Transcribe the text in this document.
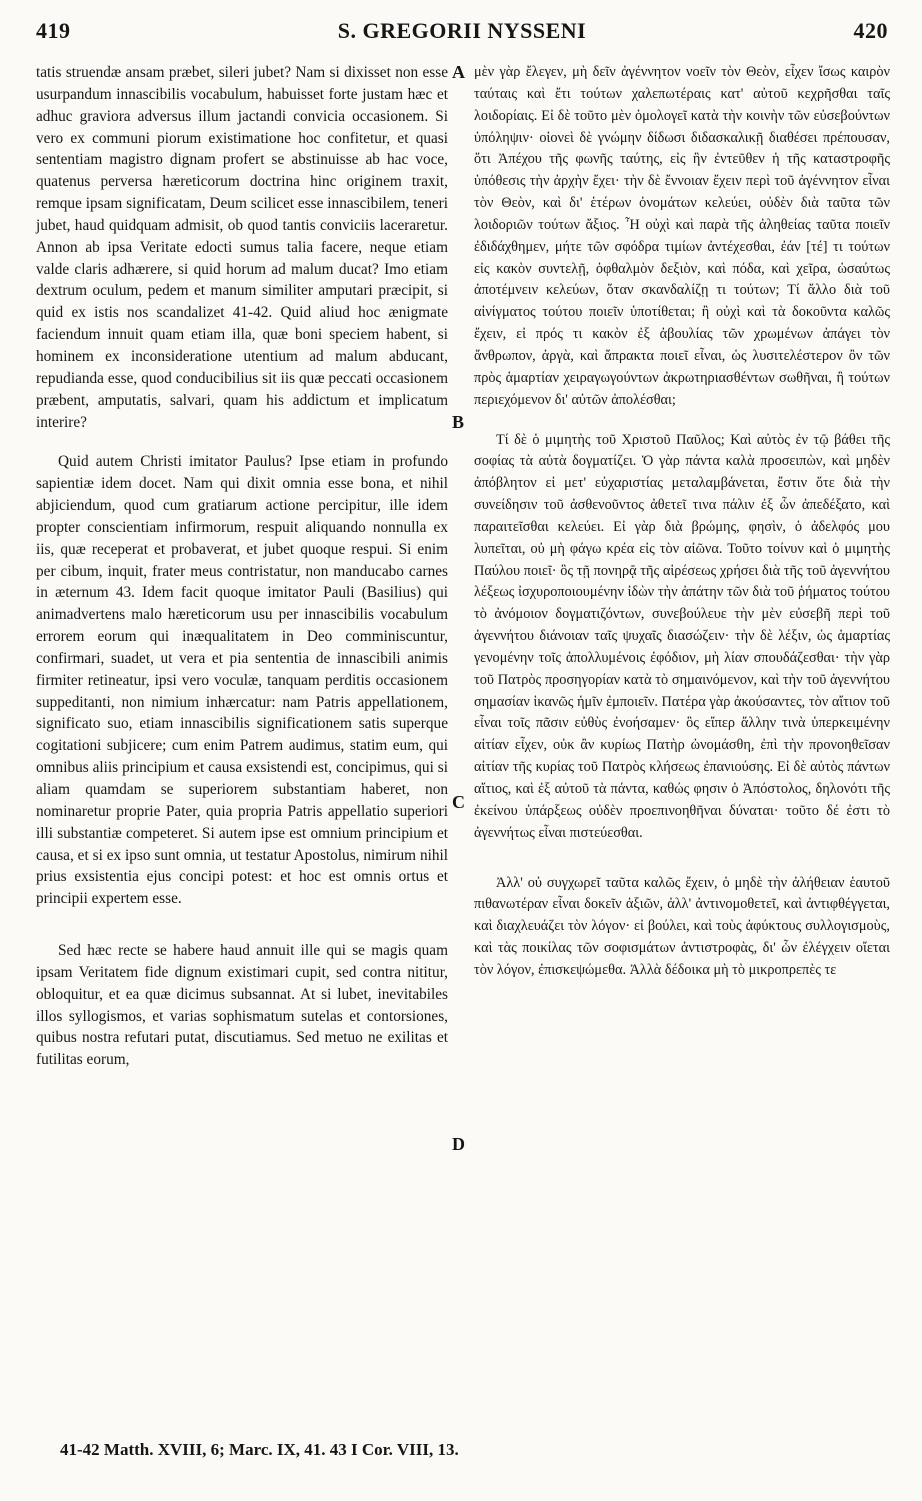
419	S. GREGORII NYSSENI	420

tatis struendæ ansam præbet, sileri jubet? Nam si dixisset non esse usurpandum innascibilis vocabulum, habuisset forte justam hæc et adhuc graviora adversus illum jactandi convicia occasionem. Si vero ex communi piorum existimatione hoc confitetur, et quasi sententiam magistro dignam profert se abstinuisse ab hac voce, quatenus perversa hæreticorum doctrina hinc originem traxit, remque ipsam significatam, Deum scilicet esse innascibilem, teneri jubet, haud quidquam admisit, ob quod tantis conviciis laceraretur. Annon ab ipsa Veritate edocti sumus talia facere, neque etiam valde claris adhærere, si quid horum ad malum ducat? Imo etiam dextrum oculum, pedem et manum similiter amputari præcipit, si quid ex istis nos scandalizet 41-42. Quid aliud hoc ænigmate faciendum innuit quam etiam illa, quæ boni speciem habent, si hominem ex inconsideratione utentium ad malum abducant, repudianda esse, quod conducibilius sit iis quæ peccati occasionem præbent, amputatis, salvari, quam his addictum et implicatum interire?

Quid autem Christi imitator Paulus? Ipse etiam in profundo sapientiæ idem docet. Nam qui dixit omnia esse bona, et nihil abjiciendum, quod cum gratiarum actione percipitur, ille idem propter conscientiam infirmorum, respuit aliquando nonnulla ex iis, quæ receperat et probaverat, et jubet quoque respui. Si enim per cibum, inquit, frater meus contristatur, non manducabo carnes in æternum 43. Idem facit quoque imitator Pauli (Basilius) qui animadvertens malo hæreticorum usu per innascibilis vocabulum errorem eorum qui inæqualitatem in Deo comminiscuntur, confirmari, suadet, ut vera et pia sententia de innascibili animis firmiter retineatur, ipsi vero voculæ, tanquam perditis occasionem suppeditanti, non nimium inhærcatur: nam Patris appellationem, significato suo, etiam innascibilis significationem satis superque cogitationi subjicere; cum enim Patrem audimus, statim eum, qui omnibus aliis principium et causa exsistendi est, concipimus, qui si aliam quamdam se superiorem substantiam haberet, non nominaretur proprie Pater, quia propria Patris appellatio superiori illi substantiæ competeret. Si autem ipse est omnium principium et causa, et si ex ipso sunt omnia, ut testatur Apostolus, nimirum nihil prius exsistentia ejus concipi potest: et hoc est omnis ortus et principii expertem esse.

Sed hæc recte se habere haud annuit ille qui se magis quam ipsam Veritatem fide dignum existimari cupit, sed contra nititur, obloquitur, et ea quæ dicimus subsannat. At si lubet, inevitabiles illos syllogismos, et varias sophismatum sutelas et contorsiones, quibus nostra refutari putat, discutiamus. Sed metuo ne exilitas et futilitas eorum,

A
B
C
D

μὲν γὰρ ἔλεγεν, μὴ δεῖν ἀγέννητον νοεῖν τὸν Θεὸν, εἶχεν ἴσως καιρὸν ταύταις καὶ ἔτι τούτων χαλεπωτέραις κατ' αὐτοῦ κεχρῆσθαι ταῖς λοιδορίαις. Εἰ δὲ τοῦτο μὲν ὁμολογεῖ κατὰ τὴν κοινὴν τῶν εὐσεβούντων ὑπόληψιν· οἱονεὶ δὲ γνώμην δίδωσι διδασκαλικῇ διαθέσει πρέπουσαν, ὅτι Ἀπέχου τῆς φωνῆς ταύτης, εἰς ἣν ἐντεῦθεν ἡ τῆς καταστροφῆς ὑπόθεσις τὴν ἀρχὴν ἔχει· τὴν δὲ ἔννοιαν ἔχειν περὶ τοῦ ἀγέννητον εἶναι τὸν Θεὸν, καὶ δι' ἑτέρων ὀνομάτων κελεύει, οὐδὲν διὰ ταῦτα τῶν λοιδοριῶν τούτων ἄξιος. Ἦ οὐχὶ καὶ παρὰ τῆς ἀληθείας ταῦτα ποιεῖν ἐδιδάχθημεν, μήτε τῶν σφόδρα τιμίων ἀντέχεσθαι, ἐάν [τέ] τι τούτων εἰς κακὸν συντελῇ, ὀφθαλμὸν δεξιὸν, καὶ πόδα, καὶ χεῖρα, ὡσαύτως ἀποτέμνειν κελεύων, ὅταν σκανδαλίζῃ τι τούτων; Τί ἄλλο διὰ τοῦ αἰνίγματος τούτου ποιεῖν ὑποτίθεται; ἢ οὐχὶ καὶ τὰ δοκοῦντα καλῶς ἔχειν, εἰ πρός τι κακὸν ἐξ ἀβουλίας τῶν χρωμένων ἀπάγει τὸν ἄνθρωπον, ἀργὰ, καὶ ἄπρακτα ποιεῖ εἶναι, ὡς λυσιτελέστερον ὂν τῶν πρὸς ἁμαρτίαν χειραγωγούντων ἀκρωτηριασθέντων σωθῆναι, ἢ τούτων περιεχόμενον δι' αὐτῶν ἀπολέσθαι;

Τί δὲ ὁ μιμητὴς τοῦ Χριστοῦ Παῦλος; Καὶ αὐτὸς ἐν τῷ βάθει τῆς σοφίας τὰ αὐτὰ δογματίζει. Ὁ γὰρ πάντα καλὰ προσειπὼν, καὶ μηδὲν ἀπόβλητον εἰ μετ' εὐχαριστίας μεταλαμβάνεται, ἔστιν ὅτε διὰ τὴν συνείδησιν τοῦ ἀσθενοῦντος ἀθετεῖ τινα πάλιν ἐξ ὧν ἀπεδέξατο, καὶ παραιτεῖσθαι κελεύει. Εἰ γὰρ διὰ βρώμης, φησὶν, ὁ ἀδελφός μου λυπεῖται, οὐ μὴ φάγω κρέα εἰς τὸν αἰῶνα. Τοῦτο τοίνυν καὶ ὁ μιμητὴς Παύλου ποιεῖ· ὃς τῇ πονηρᾷ τῆς αἱρέσεως χρήσει διὰ τῆς τοῦ ἀγεννήτου λέξεως ἰσχυροποιουμένην ἰδὼν τὴν ἀπάτην τῶν διὰ τοῦ ῥήματος τούτου τὸ ἀνόμοιον δογματιζόντων, συνεβούλευε τὴν μὲν εὐσεβῆ περὶ τοῦ ἀγεννήτου διάνοιαν ταῖς ψυχαῖς διασώζειν· τὴν δὲ λέξιν, ὡς ἁμαρτίας γενομένην τοῖς ἀπολλυμένοις ἐφόδιον, μὴ λίαν σπουδάζεσθαι· τὴν γὰρ τοῦ Πατρὸς προσηγορίαν κατὰ τὸ σημαινόμενον, καὶ τὴν τοῦ ἀγεννήτου σημασίαν ἱκανῶς ἡμῖν ἐμποιεῖν. Πατέρα γὰρ ἀκούσαντες, τὸν αἴτιον τοῦ εἶναι τοῖς πᾶσιν εὐθὺς ἐνοήσαμεν· ὃς εἴπερ ἄλλην τινὰ ὑπερκειμένην αἰτίαν εἶχεν, οὐκ ἂν κυρίως Πατὴρ ὠνομάσθη, ἐπὶ τὴν προνοηθεῖσαν αἰτίαν τῆς κυρίας τοῦ Πατρὸς κλήσεως ἐπανιούσης. Εἰ δὲ αὐτὸς πάντων αἴτιος, καὶ ἐξ αὐτοῦ τὰ πάντα, καθώς φησιν ὁ Ἀπόστολος, δηλονότι τῆς ἐκείνου ὑπάρξεως οὐδὲν προεπινοηθῆναι δύναται· τοῦτο δέ ἐστι τὸ ἀγεννήτως εἶναι πιστεύεσθαι.

Ἀλλ' οὐ συγχωρεῖ ταῦτα καλῶς ἔχειν, ὁ μηδὲ τὴν ἀλήθειαν ἑαυτοῦ πιθανωτέραν εἶναι δοκεῖν ἀξιῶν, ἀλλ' ἀντινομοθετεῖ, καὶ ἀντιφθέγγεται, καὶ διαχλευάζει τὸν λόγον· εἰ βούλει, καὶ τοὺς ἀφύκτους συλλογισμοὺς, καὶ τὰς ποικίλας τῶν σοφισμάτων ἀντιστροφὰς, δι' ὧν ἐλέγχειν οἴεται τὸν λόγον, ἐπισκεψώμεθα. Ἀλλὰ δέδοικα μὴ τὸ μικροπρεπὲς τε

41-42 Matth. XVIII, 6; Marc. IX, 41. 43 I Cor. VIII, 13.
